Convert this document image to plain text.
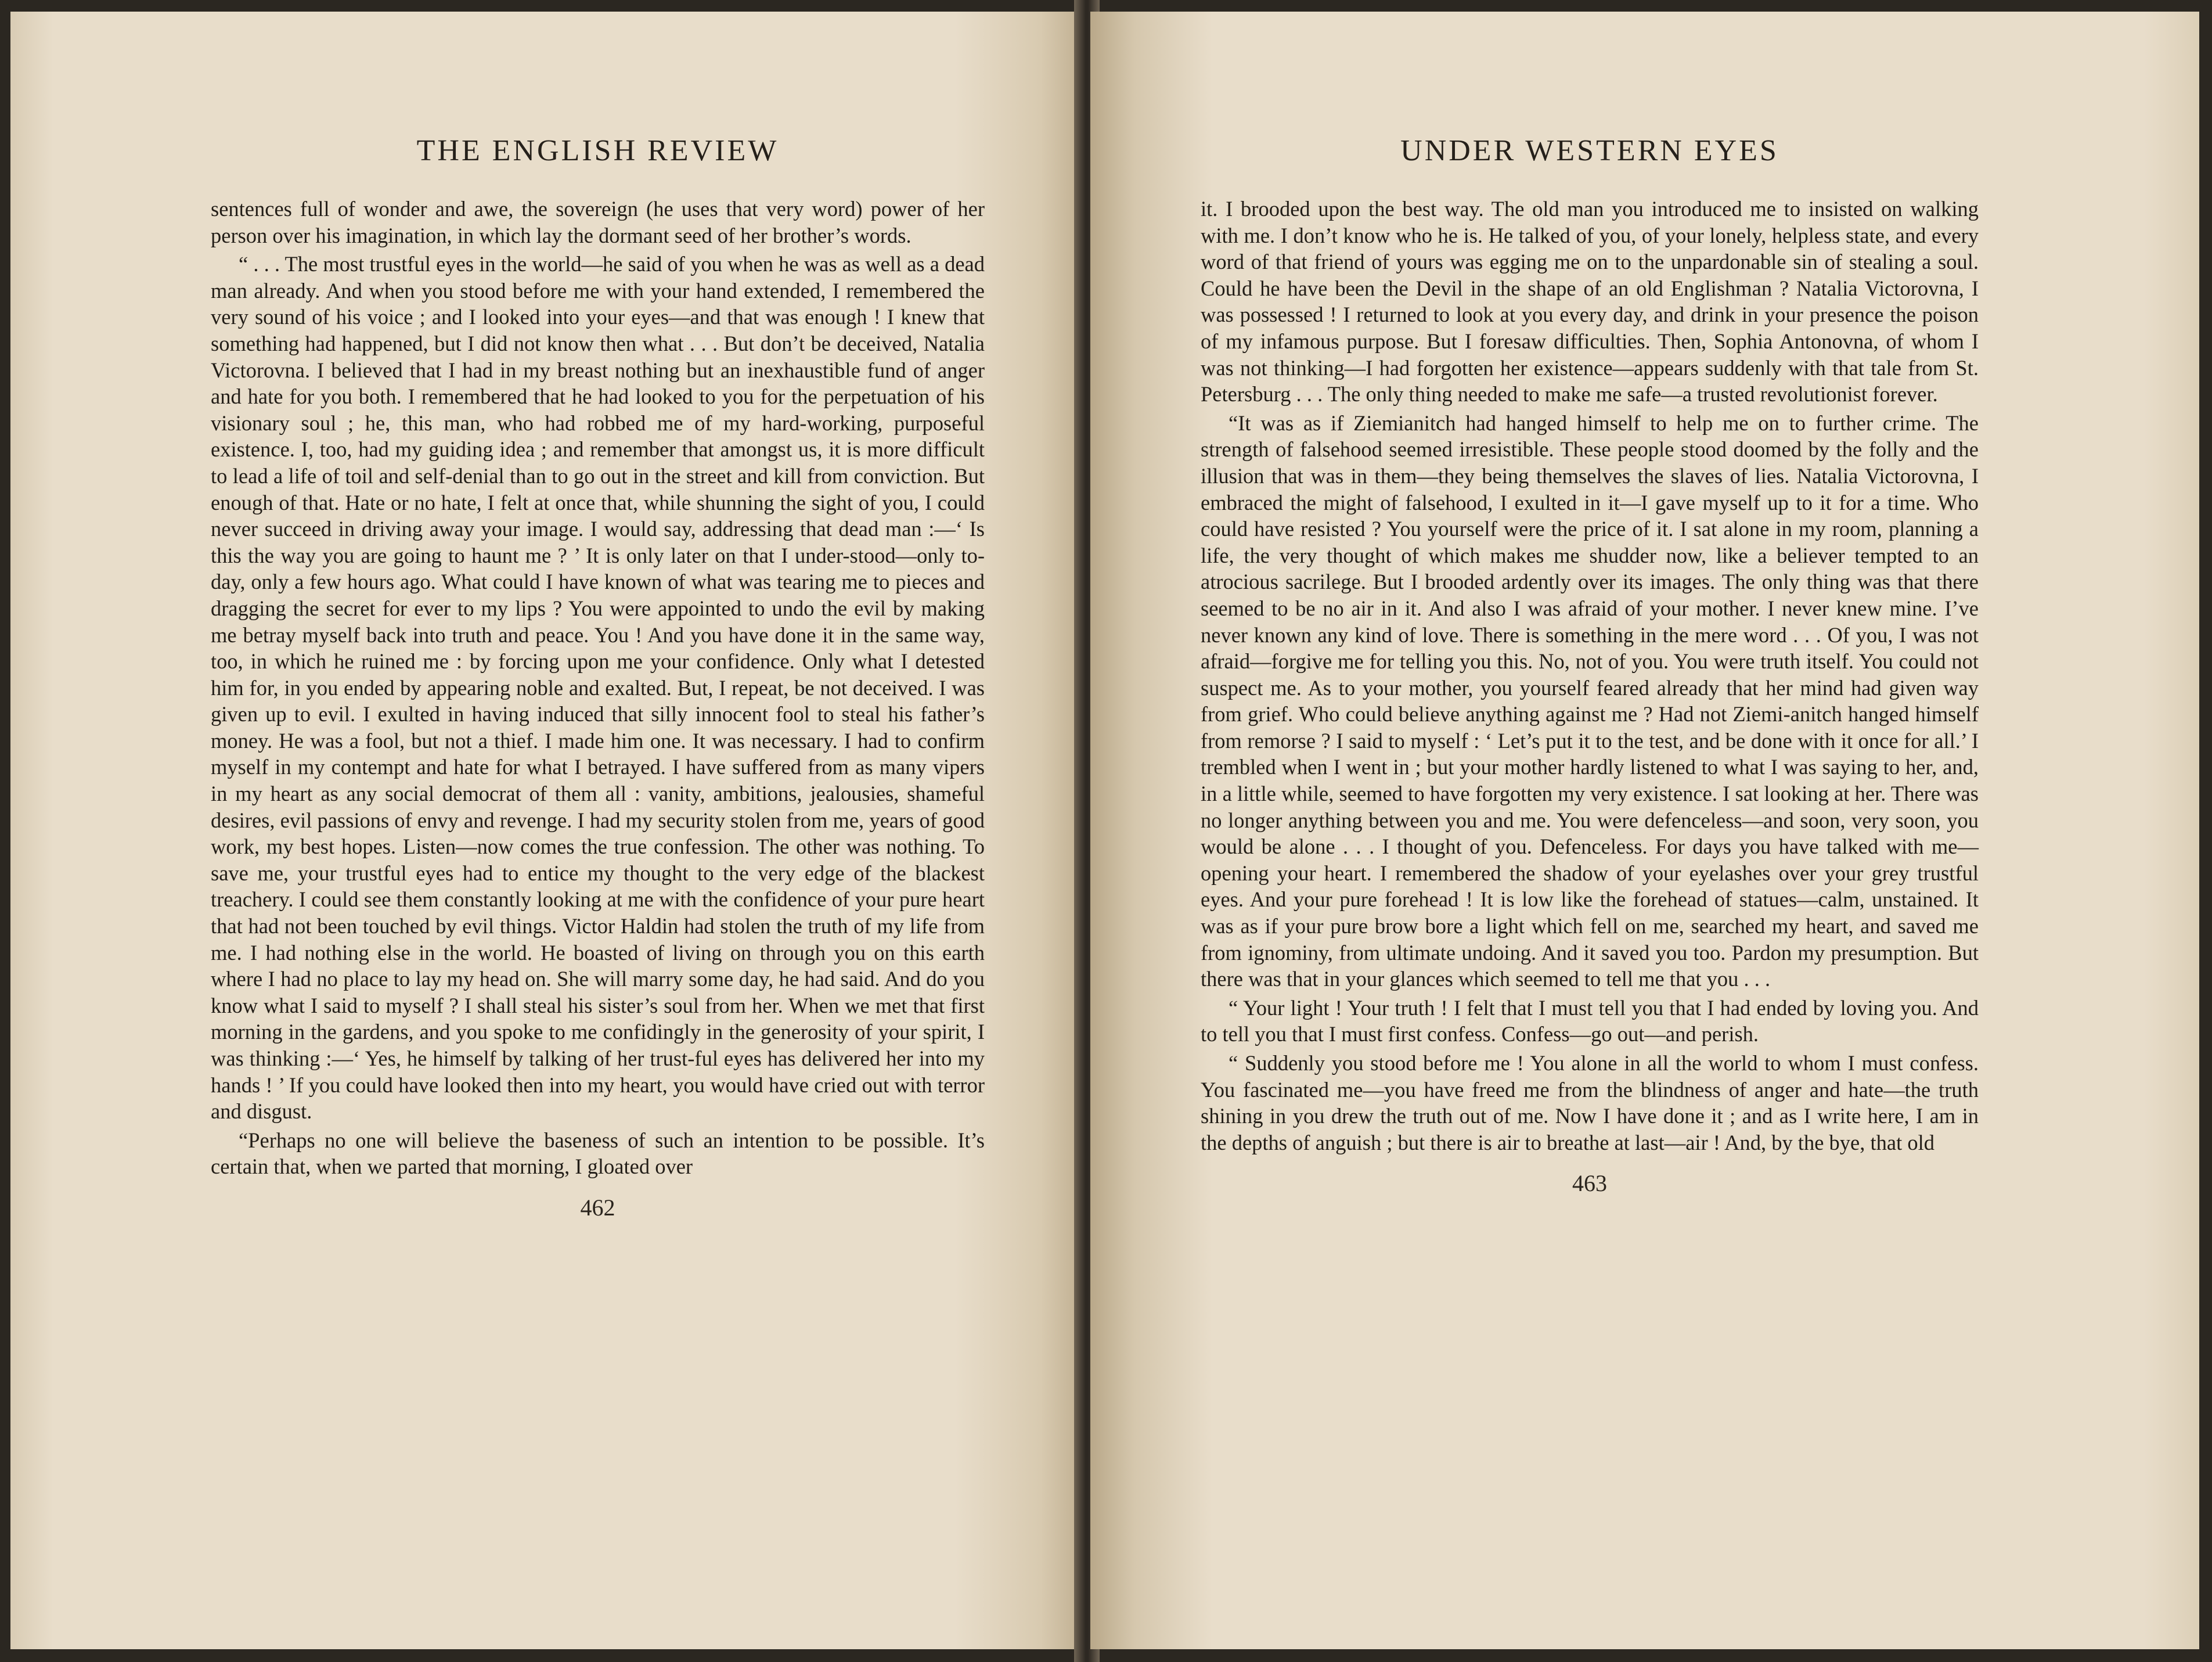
THE ENGLISH REVIEW

sentences full of wonder and awe, the sovereign (he uses that very word) power of her person over his imagination, in which lay the dormant seed of her brother’s words.

“ . . . The most trustful eyes in the world—he said of you when he was as well as a dead man already. And when you stood before me with your hand extended, I remembered the very sound of his voice ; and I looked into your eyes—and that was enough ! I knew that something had happened, but I did not know then what . . . But don’t be deceived, Natalia Victorovna. I believed that I had in my breast nothing but an inexhaustible fund of anger and hate for you both. I remembered that he had looked to you for the perpetuation of his visionary soul ; he, this man, who had robbed me of my hard-working, purposeful existence. I, too, had my guiding idea ; and remember that amongst us, it is more difficult to lead a life of toil and self-denial than to go out in the street and kill from conviction. But enough of that. Hate or no hate, I felt at once that, while shunning the sight of you, I could never succeed in driving away your image. I would say, addressing that dead man :—‘ Is this the way you are going to haunt me ? ’ It is only later on that I under-stood—only to-day, only a few hours ago. What could I have known of what was tearing me to pieces and dragging the secret for ever to my lips ? You were appointed to undo the evil by making me betray myself back into truth and peace. You ! And you have done it in the same way, too, in which he ruined me : by forcing upon me your confidence. Only what I detested him for, in you ended by appearing noble and exalted. But, I repeat, be not deceived. I was given up to evil. I exulted in having induced that silly innocent fool to steal his father’s money. He was a fool, but not a thief. I made him one. It was necessary. I had to confirm myself in my contempt and hate for what I betrayed. I have suffered from as many vipers in my heart as any social democrat of them all : vanity, ambitions, jealousies, shameful desires, evil passions of envy and revenge. I had my security stolen from me, years of good work, my best hopes. Listen—now comes the true confession. The other was nothing. To save me, your trustful eyes had to entice my thought to the very edge of the blackest treachery. I could see them constantly looking at me with the confidence of your pure heart that had not been touched by evil things. Victor Haldin had stolen the truth of my life from me. I had nothing else in the world. He boasted of living on through you on this earth where I had no place to lay my head on. She will marry some day, he had said. And do you know what I said to myself ? I shall steal his sister’s soul from her. When we met that first morning in the gardens, and you spoke to me confidingly in the generosity of your spirit, I was thinking :—‘ Yes, he himself by talking of her trust-ful eyes has delivered her into my hands ! ’ If you could have looked then into my heart, you would have cried out with terror and disgust.

“Perhaps no one will believe the baseness of such an intention to be possible. It’s certain that, when we parted that morning, I gloated over

462
UNDER WESTERN EYES

it. I brooded upon the best way. The old man you introduced me to insisted on walking with me. I don’t know who he is. He talked of you, of your lonely, helpless state, and every word of that friend of yours was egging me on to the unpardonable sin of stealing a soul. Could he have been the Devil in the shape of an old Englishman ? Natalia Victorovna, I was possessed ! I returned to look at you every day, and drink in your presence the poison of my infamous purpose. But I foresaw difficulties. Then, Sophia Antonovna, of whom I was not thinking—I had forgotten her existence—appears suddenly with that tale from St. Petersburg . . . The only thing needed to make me safe—a trusted revolutionist forever.

“It was as if Ziemianitch had hanged himself to help me on to further crime. The strength of falsehood seemed irresistible. These people stood doomed by the folly and the illusion that was in them—they being themselves the slaves of lies. Natalia Victorovna, I embraced the might of falsehood, I exulted in it—I gave myself up to it for a time. Who could have resisted ? You yourself were the price of it. I sat alone in my room, planning a life, the very thought of which makes me shudder now, like a believer tempted to an atrocious sacrilege. But I brooded ardently over its images. The only thing was that there seemed to be no air in it. And also I was afraid of your mother. I never knew mine. I’ve never known any kind of love. There is something in the mere word . . . Of you, I was not afraid—forgive me for telling you this. No, not of you. You were truth itself. You could not suspect me. As to your mother, you yourself feared already that her mind had given way from grief. Who could believe anything against me ? Had not Ziemi-anitch hanged himself from remorse ? I said to myself : ‘ Let’s put it to the test, and be done with it once for all.’ I trembled when I went in ; but your mother hardly listened to what I was saying to her, and, in a little while, seemed to have forgotten my very existence. I sat looking at her. There was no longer anything between you and me. You were defenceless—and soon, very soon, you would be alone . . . I thought of you. Defenceless. For days you have talked with me—opening your heart. I remembered the shadow of your eyelashes over your grey trustful eyes. And your pure forehead ! It is low like the forehead of statues—calm, unstained. It was as if your pure brow bore a light which fell on me, searched my heart, and saved me from ignominy, from ultimate undoing. And it saved you too. Pardon my presumption. But there was that in your glances which seemed to tell me that you . . .

“ Your light ! Your truth ! I felt that I must tell you that I had ended by loving you. And to tell you that I must first confess. Confess—go out—and perish.

“ Suddenly you stood before me ! You alone in all the world to whom I must confess. You fascinated me—you have freed me from the blindness of anger and hate—the truth shining in you drew the truth out of me. Now I have done it ; and as I write here, I am in the depths of anguish ; but there is air to breathe at last—air ! And, by the bye, that old

463
